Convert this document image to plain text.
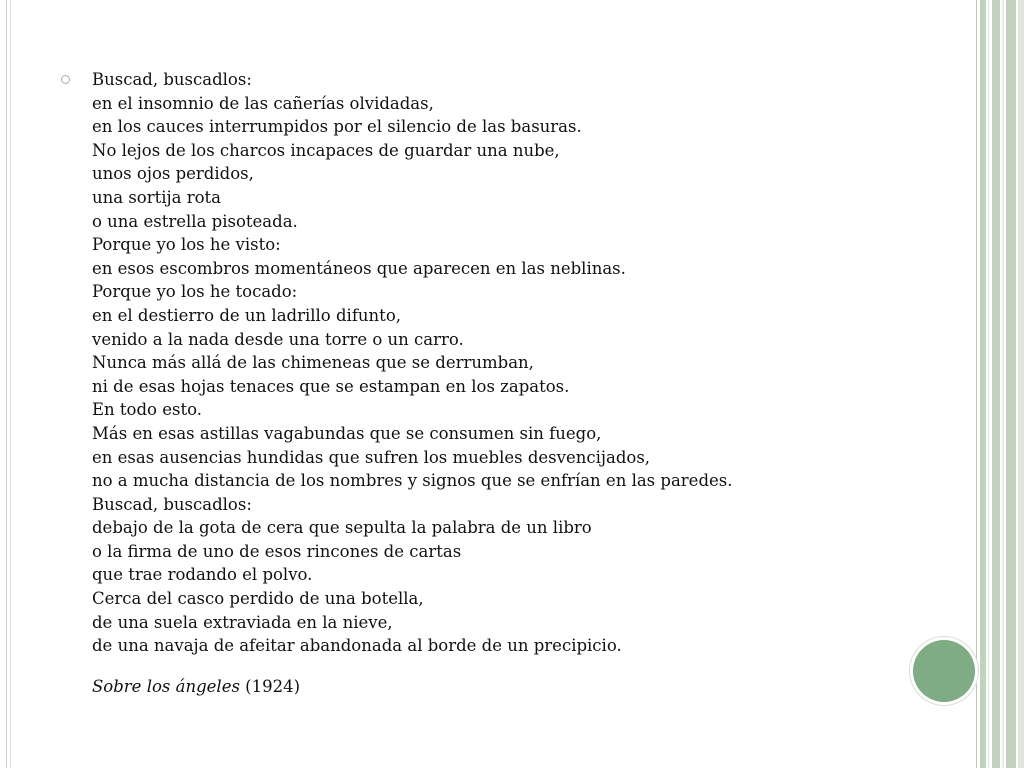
Buscad, buscadlos:
en el insomnio de las cañerías olvidadas,
en los cauces interrumpidos por el silencio de las basuras.
No lejos de los charcos incapaces de guardar una nube,
unos ojos perdidos,
una sortija rota
o una estrella pisoteada.
Porque yo los he visto:
en esos escombros momentáneos que aparecen en las neblinas.
Porque yo los he tocado:
en el destierro de un ladrillo difunto,
venido a la nada desde una torre o un carro.
Nunca más allá de las chimeneas que se derrumban,
ni de esas hojas tenaces que se estampan en los zapatos.
En todo esto.
Más en esas astillas vagabundas que se consumen sin fuego,
en esas ausencias hundidas que sufren los muebles desvencijados,
no a mucha distancia de los nombres y signos que se enfrían en las paredes.
Buscad, buscadlos:
debajo de la gota de cera que sepulta la palabra de un libro
o la firma de uno de esos rincones de cartas
que trae rodando el polvo.
Cerca del casco perdido de una botella,
de una suela extraviada en la nieve,
de una navaja de afeitar abandonada al borde de un precipicio.
Sobre los ángeles (1924)
